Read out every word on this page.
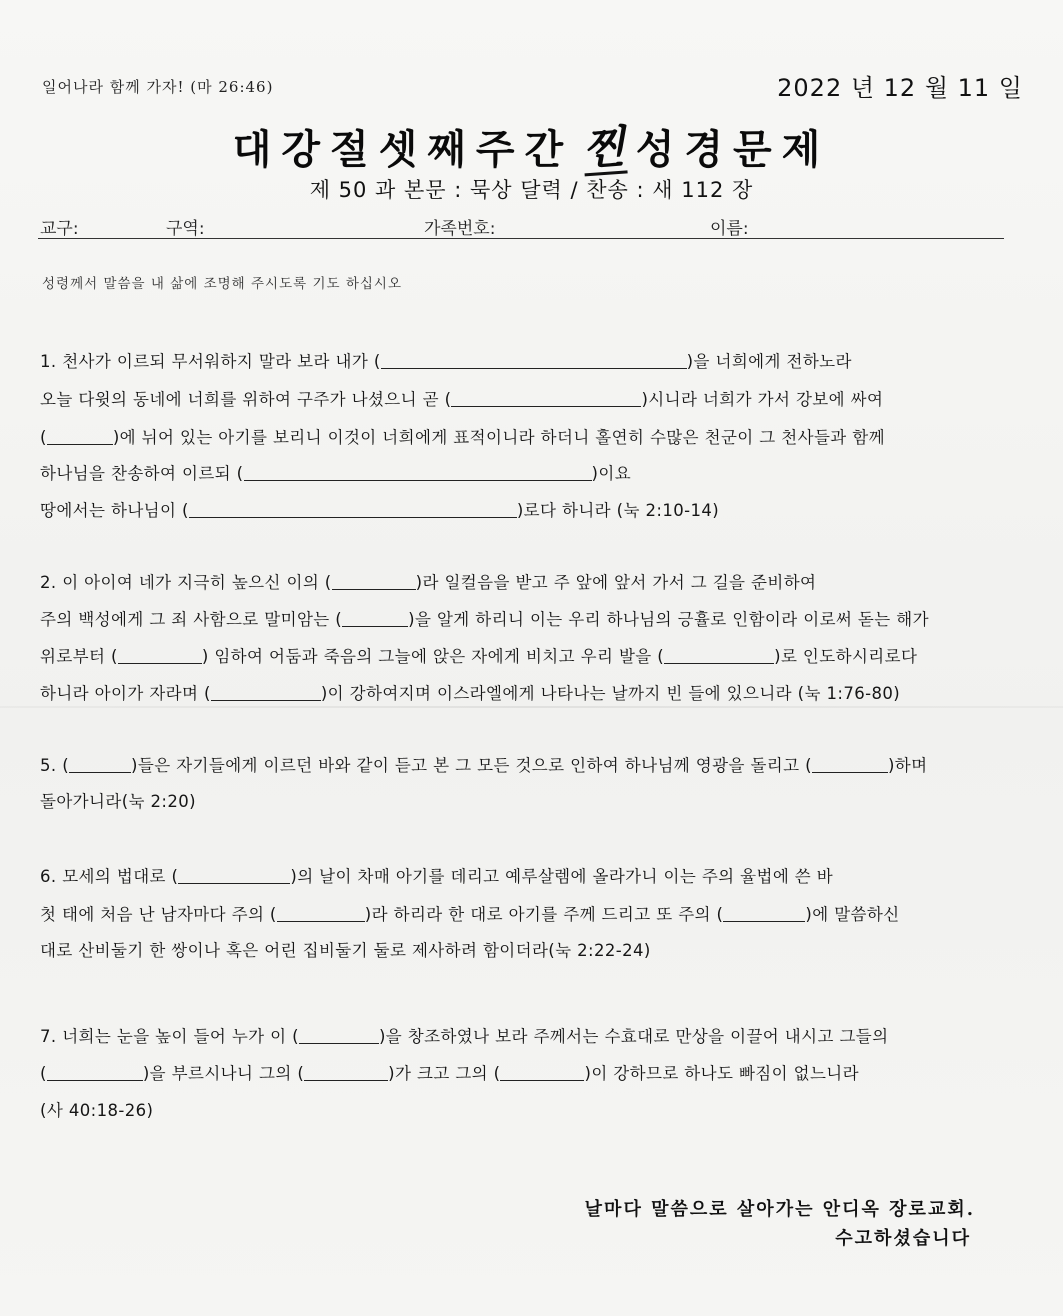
일어나라 함께 가자! (마 26:46)	2022 년 12 월 11 일
대강절셋째주간 찐 성경문제
제 50 과 본문 : 묵상 달력 / 찬송 : 새 112 장
교구:	구역:	가족번호:	이름:
성령께서 말씀을 내 삶에 조명해 주시도록 기도 하십시오
1. 천사가 이르되 무서워하지 말라 보라 내가 (	)을 너희에게 전하노라
오늘 다윗의 동네에 너희를 위하여 구주가 나셨으니 곧 (	)시니라 너희가 가서 강보에 싸여
(	)에 뉘어 있는 아기를 보리니 이것이 너희에게 표적이니라 하더니 홀연히 수많은 천군이 그 천사들과 함께
하나님을 찬송하여 이르되 (	)이요
땅에서는 하나님이 (	)로다 하니라 (눅 2:10-14)
2. 이 아이여 네가 지극히 높으신 이의 (	)라 일컬음을 받고 주 앞에 앞서 가서 그 길을 준비하여
주의 백성에게 그 죄 사함으로 말미암는 (	)을 알게 하리니 이는 우리 하나님의 긍휼로 인함이라 이로써 돋는 해가
위로부터 (	) 임하여 어둠과 죽음의 그늘에 앉은 자에게 비치고 우리 발을 (	)로 인도하시리로다
하니라 아이가 자라며 (	)이 강하여지며 이스라엘에게 나타나는 날까지 빈 들에 있으니라 (눅 1:76-80)
5. (	)들은 자기들에게 이르던 바와 같이 듣고 본 그 모든 것으로 인하여 하나님께 영광을 돌리고 (	)하며
돌아가니라(눅 2:20)
6. 모세의 법대로 (	)의 날이 차매 아기를 데리고 예루살렘에 올라가니 이는 주의 율법에 쓴 바
첫 태에 처음 난 남자마다 주의 (	)라 하리라 한 대로 아기를 주께 드리고 또 주의 (	)에 말씀하신
대로 산비둘기 한 쌍이나 혹은 어린 집비둘기 둘로 제사하려 함이더라(눅 2:22-24)
7. 너희는 눈을 높이 들어 누가 이 (	)을 창조하였나 보라 주께서는 수효대로 만상을 이끌어 내시고 그들의
(	)을 부르시나니 그의 (	)가 크고 그의 (	)이 강하므로 하나도 빠짐이 없느니라
(사 40:18-26)
날마다 말씀으로 살아가는 안디옥 장로교회.
수고하셨습니다
